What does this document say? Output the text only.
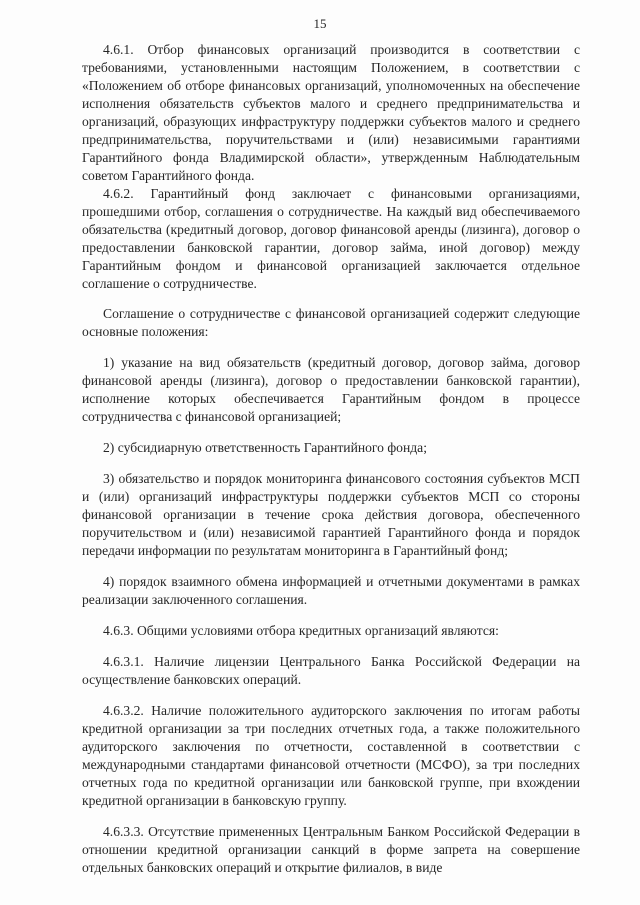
15

4.6.1. Отбор финансовых организаций производится в соответствии с требованиями, установленными настоящим Положением, в соответствии с «Положением об отборе финансовых организаций, уполномоченных на обеспечение исполнения обязательств субъектов малого и среднего предпринимательства и организаций, образующих инфраструктуру поддержки субъектов малого и среднего предпринимательства, поручительствами и (или) независимыми гарантиями Гарантийного фонда Владимирской области», утвержденным Наблюдательным советом Гарантийного фонда.

4.6.2. Гарантийный фонд заключает с финансовыми организациями, прошедшими отбор, соглашения о сотрудничестве. На каждый вид обеспечиваемого обязательства (кредитный договор, договор финансовой аренды (лизинга), договор о предоставлении банковской гарантии, договор займа, иной договор) между Гарантийным фондом и финансовой организацией заключается отдельное соглашение о сотрудничестве.

Соглашение о сотрудничестве с финансовой организацией содержит следующие основные положения:

1) указание на вид обязательств (кредитный договор, договор займа, договор финансовой аренды (лизинга), договор о предоставлении банковской гарантии), исполнение которых обеспечивается Гарантийным фондом в процессе сотрудничества с финансовой организацией;

2) субсидиарную ответственность Гарантийного фонда;

3) обязательство и порядок мониторинга финансового состояния субъектов МСП и (или) организаций инфраструктуры поддержки субъектов МСП со стороны финансовой организации в течение срока действия договора, обеспеченного поручительством и (или) независимой гарантией Гарантийного фонда и порядок передачи информации по результатам мониторинга в Гарантийный фонд;

4) порядок взаимного обмена информацией и отчетными документами в рамках реализации заключенного соглашения.

4.6.3. Общими условиями отбора кредитных организаций являются:

4.6.3.1. Наличие лицензии Центрального Банка Российской Федерации на осуществление банковских операций.

4.6.3.2. Наличие положительного аудиторского заключения по итогам работы кредитной организации за три последних отчетных года, а также положительного аудиторского заключения по отчетности, составленной в соответствии с международными стандартами финансовой отчетности (МСФО), за три последних отчетных года по кредитной организации или банковской группе, при вхождении кредитной организации в банковскую группу.

4.6.3.3. Отсутствие примененных Центральным Банком Российской Федерации в отношении кредитной организации санкций в форме запрета на совершение отдельных банковских операций и открытие филиалов, в виде
